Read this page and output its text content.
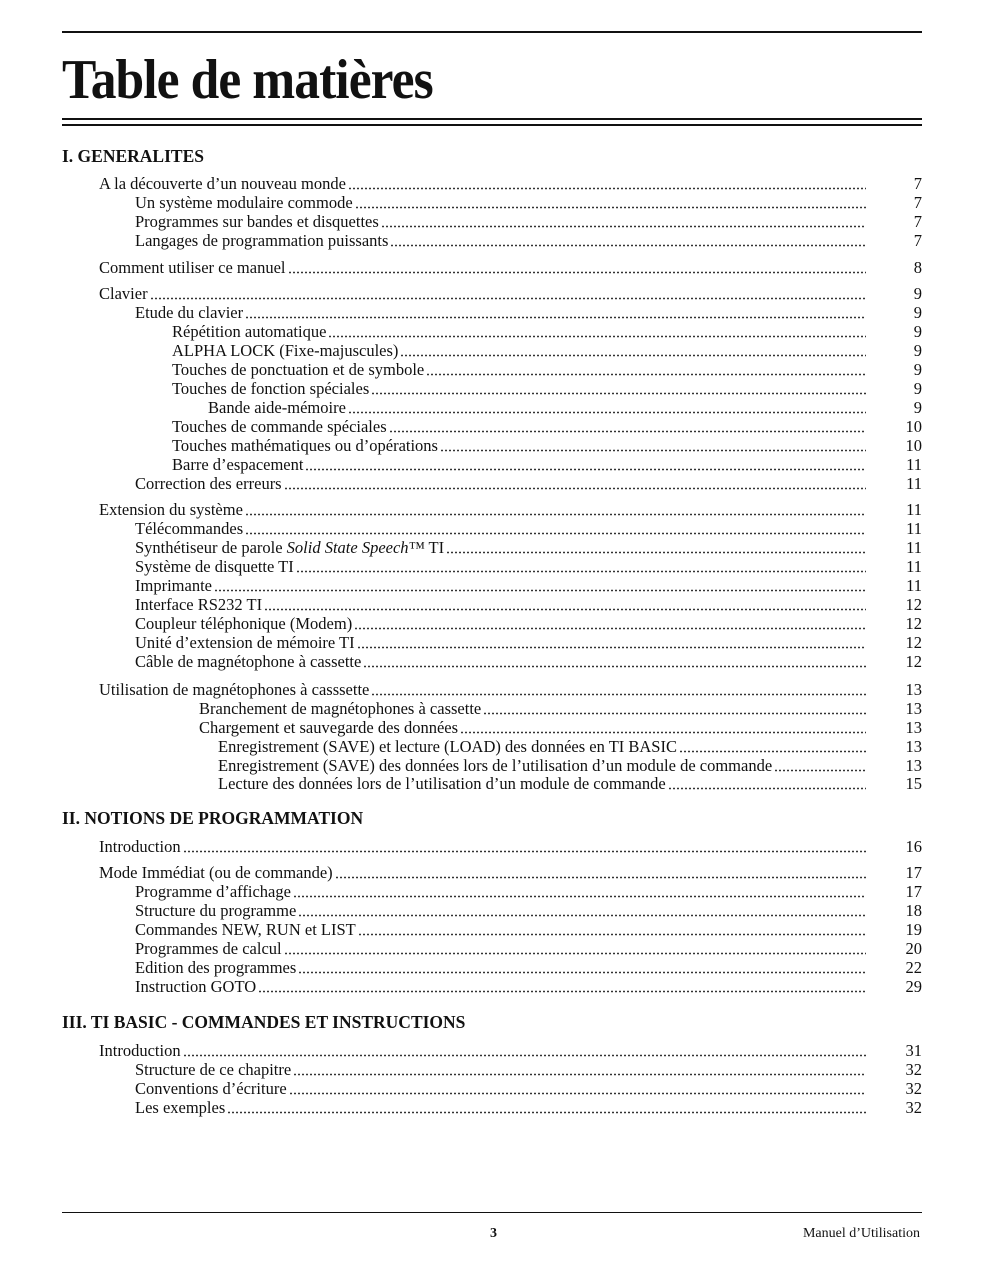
Table de matières
I. GENERALITES
A la découverte d’un nouveau monde	7
Un système modulaire commode	7
Programmes sur bandes et disquettes	7
Langages de programmation puissants	7
Comment utiliser ce manuel	8
Clavier	9
Etude du clavier	9
Répétition automatique	9
ALPHA LOCK (Fixe-majuscules)	9
Touches de ponctuation et de symbole	9
Touches de fonction spéciales	9
Bande aide-mémoire	9
Touches de commande spéciales	10
Touches mathématiques ou d’opérations	10
Barre d’espacement	11
Correction des erreurs	11
Extension du système	11
Télécommandes	11
Synthétiseur de parole Solid State Speech™ TI	11
Système de disquette TI	11
Imprimante	11
Interface RS232 TI	12
Coupleur téléphonique (Modem)	12
Unité d’extension de mémoire TI	12
Câble de magnétophone à cassette	12
Utilisation de magnétophones à casssette	13
Branchement de magnétophones à cassette	13
Chargement et sauvegarde des données	13
Enregistrement (SAVE) et lecture (LOAD) des données en TI BASIC	13
Enregistrement (SAVE) des données lors de l’utilisation d’un module de commande	13
Lecture des données lors de l’utilisation d’un module de commande	15
II. NOTIONS DE PROGRAMMATION
Introduction	16
Mode Immédiat (ou de commande)	17
Programme d’affichage	17
Structure du programme	18
Commandes NEW, RUN et LIST	19
Programmes de calcul	20
Edition des programmes	22
Instruction GOTO	29
III. TI BASIC - COMMANDES ET INSTRUCTIONS
Introduction	31
Structure de ce chapitre	32
Conventions d’écriture	32
Les exemples	32
3	Manuel d’Utilisation
